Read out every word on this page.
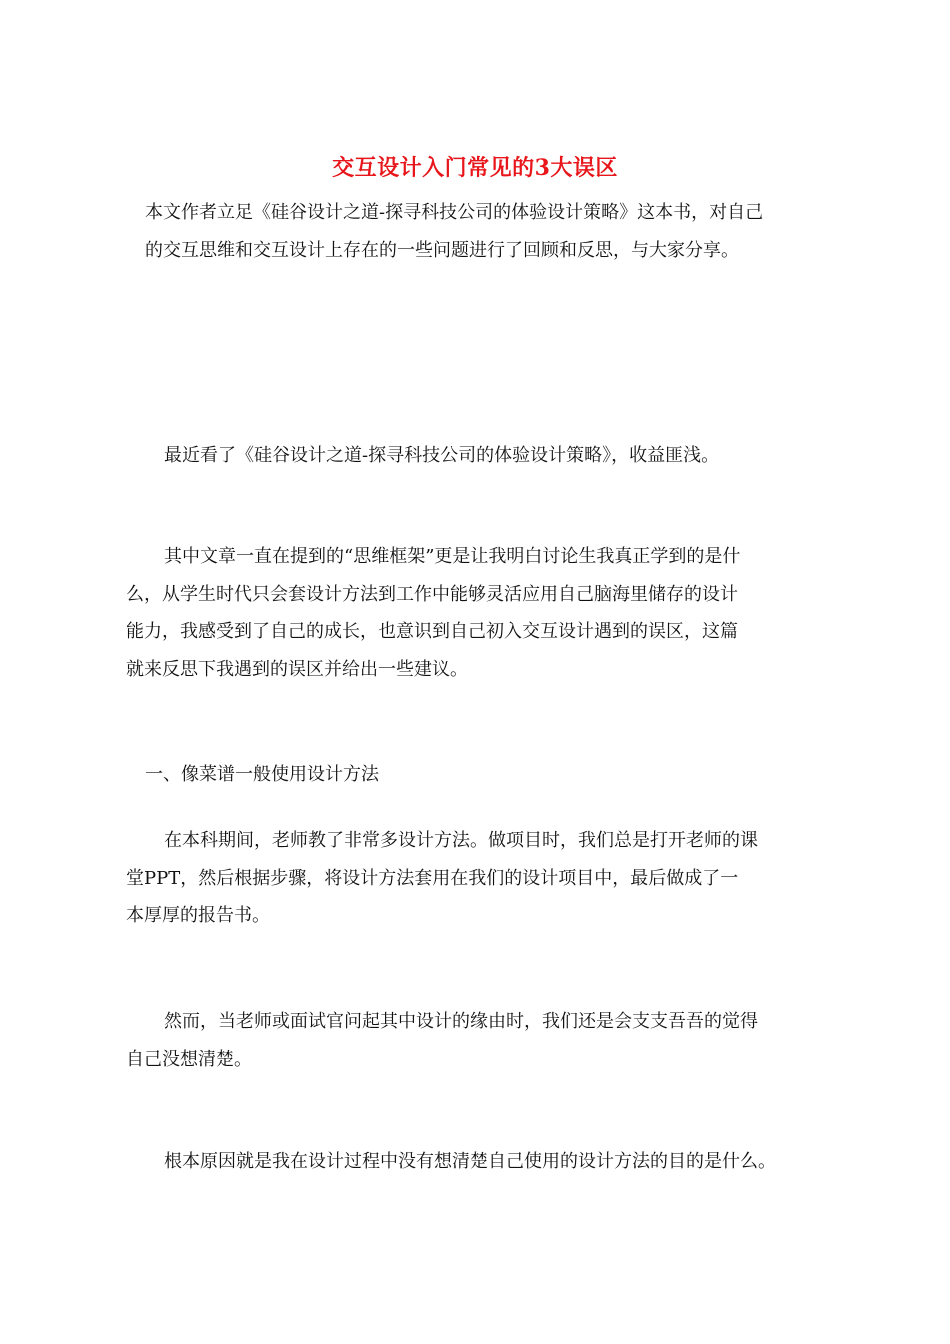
交互设计入门常见的3大误区

本文作者立足《硅谷设计之道-探寻科技公司的体验设计策略》这本书，对自己
的交互思维和交互设计上存在的一些问题进行了回顾和反思，与大家分享。

最近看了《硅谷设计之道-探寻科技公司的体验设计策略》，收益匪浅。

其中文章一直在提到的“思维框架”更是让我明白讨论生我真正学到的是什
么，从学生时代只会套设计方法到工作中能够灵活应用自己脑海里储存的设计
能力，我感受到了自己的成长，也意识到自己初入交互设计遇到的误区，这篇
就来反思下我遇到的误区并给出一些建议。

一、像菜谱一般使用设计方法

在本科期间，老师教了非常多设计方法。做项目时，我们总是打开老师的课
堂PPT，然后根据步骤，将设计方法套用在我们的设计项目中，最后做成了一
本厚厚的报告书。

然而，当老师或面试官问起其中设计的缘由时，我们还是会支支吾吾的觉得
自己没想清楚。

根本原因就是我在设计过程中没有想清楚自己使用的设计方法的目的是什么。
